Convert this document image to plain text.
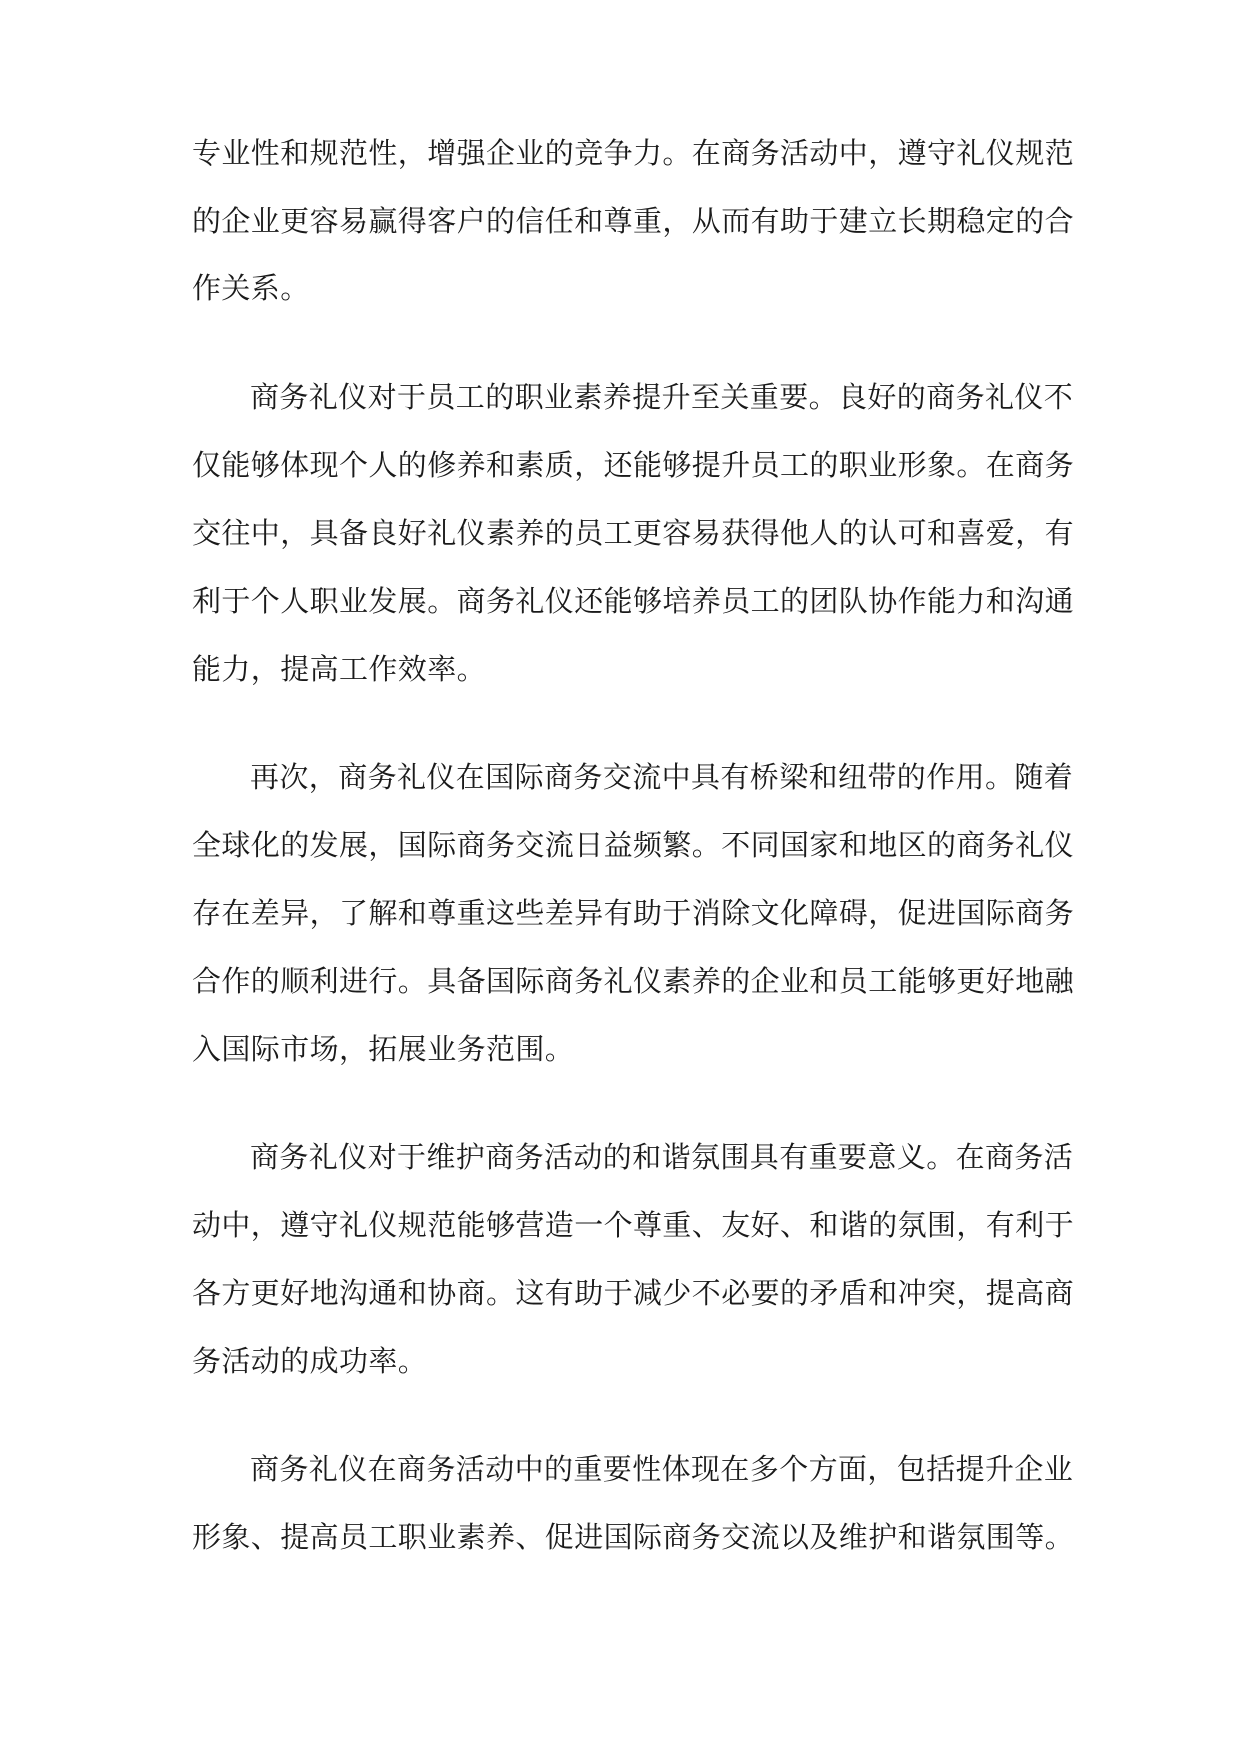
专业性和规范性，增强企业的竞争力。在商务活动中，遵守礼仪规范
的企业更容易赢得客户的信任和尊重，从而有助于建立长期稳定的合
作关系。
商务礼仪对于员工的职业素养提升至关重要。良好的商务礼仪不
仅能够体现个人的修养和素质，还能够提升员工的职业形象。在商务
交往中，具备良好礼仪素养的员工更容易获得他人的认可和喜爱，有
利于个人职业发展。商务礼仪还能够培养员工的团队协作能力和沟通
能力，提高工作效率。
再次，商务礼仪在国际商务交流中具有桥梁和纽带的作用。随着
全球化的发展，国际商务交流日益频繁。不同国家和地区的商务礼仪
存在差异，了解和尊重这些差异有助于消除文化障碍，促进国际商务
合作的顺利进行。具备国际商务礼仪素养的企业和员工能够更好地融
入国际市场，拓展业务范围。
商务礼仪对于维护商务活动的和谐氛围具有重要意义。在商务活
动中，遵守礼仪规范能够营造一个尊重、友好、和谐的氛围，有利于
各方更好地沟通和协商。这有助于减少不必要的矛盾和冲突，提高商
务活动的成功率。
商务礼仪在商务活动中的重要性体现在多个方面，包括提升企业
形象、提高员工职业素养、促进国际商务交流以及维护和谐氛围等。
